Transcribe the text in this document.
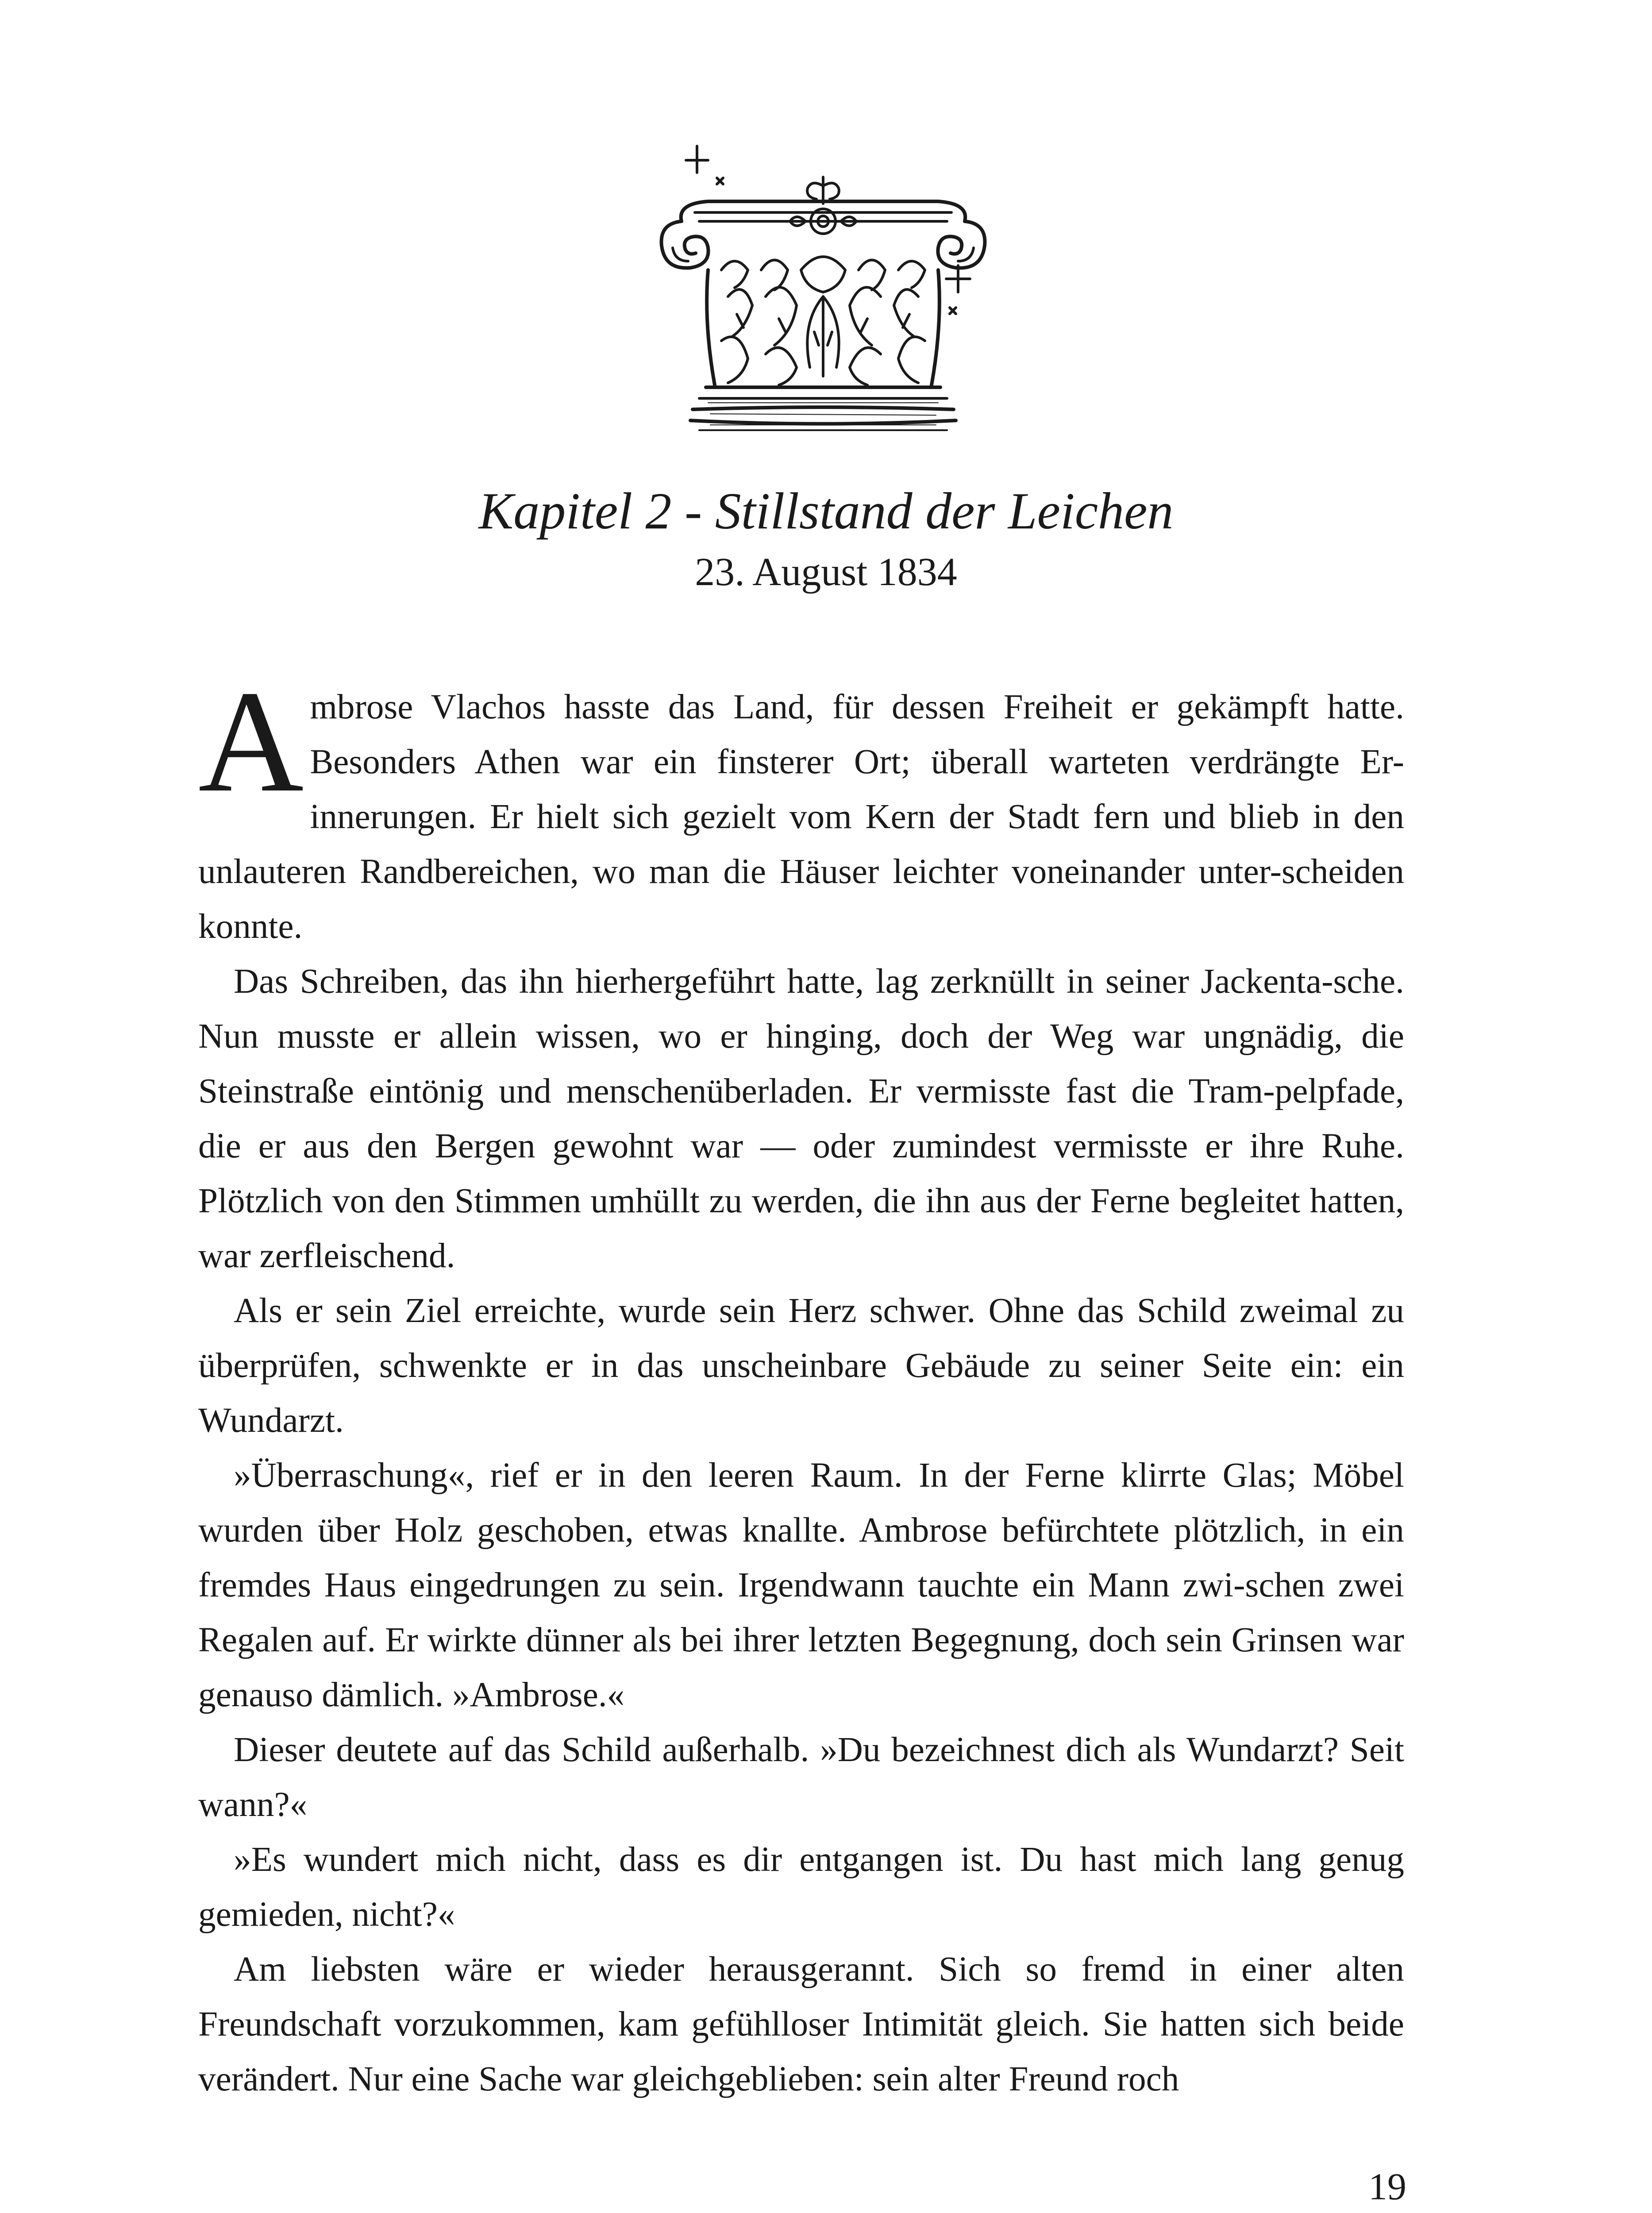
Kapitel 2 - Stillstand der Leichen
23. August 1834

Ambrose Vlachos hasste das Land, für dessen Freiheit er gekämpft hatte. Besonders Athen war ein finsterer Ort; überall warteten verdrängte Er-innerungen. Er hielt sich gezielt vom Kern der Stadt fern und blieb in den unlauteren Randbereichen, wo man die Häuser leichter voneinander unter-scheiden konnte.

Das Schreiben, das ihn hierhergeführt hatte, lag zerknüllt in seiner Jackenta-sche. Nun musste er allein wissen, wo er hinging, doch der Weg war ungnädig, die Steinstraße eintönig und menschenüberladen. Er vermisste fast die Tram-pelpfade, die er aus den Bergen gewohnt war — oder zumindest vermisste er ihre Ruhe. Plötzlich von den Stimmen umhüllt zu werden, die ihn aus der Ferne begleitet hatten, war zerfleischend.

Als er sein Ziel erreichte, wurde sein Herz schwer. Ohne das Schild zweimal zu überprüfen, schwenkte er in das unscheinbare Gebäude zu seiner Seite ein: ein Wundarzt.

»Überraschung«, rief er in den leeren Raum. In der Ferne klirrte Glas; Möbel wurden über Holz geschoben, etwas knallte. Ambrose befürchtete plötzlich, in ein fremdes Haus eingedrungen zu sein. Irgendwann tauchte ein Mann zwi-schen zwei Regalen auf. Er wirkte dünner als bei ihrer letzten Begegnung, doch sein Grinsen war genauso dämlich. »Ambrose.«

Dieser deutete auf das Schild außerhalb. »Du bezeichnest dich als Wundarzt? Seit wann?«

»Es wundert mich nicht, dass es dir entgangen ist. Du hast mich lang genug gemieden, nicht?«

Am liebsten wäre er wieder herausgerannt. Sich so fremd in einer alten Freundschaft vorzukommen, kam gefühlloser Intimität gleich. Sie hatten sich beide verändert. Nur eine Sache war gleichgeblieben: sein alter Freund roch

19
